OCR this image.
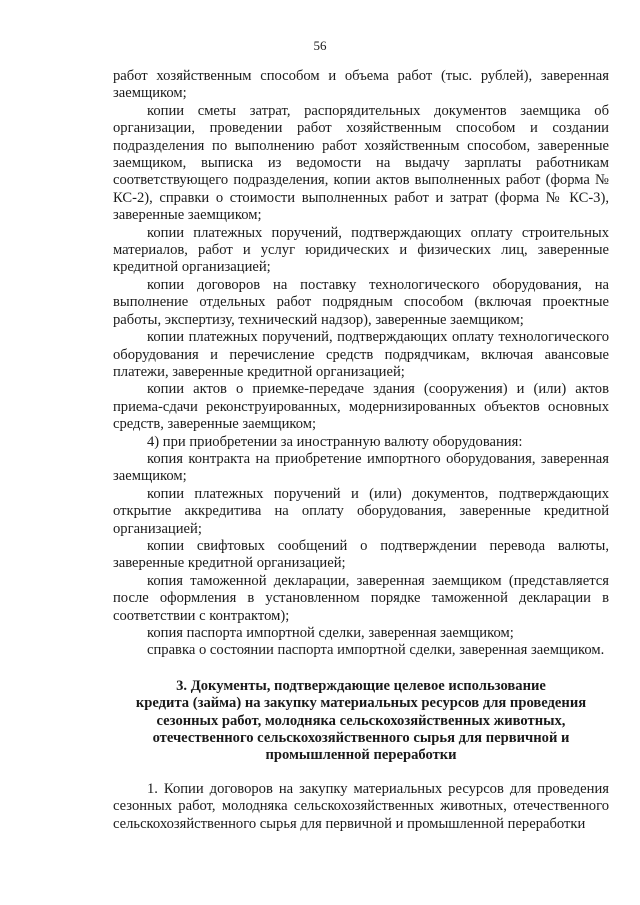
56

работ хозяйственным способом и объема работ (тыс. рублей), заверенная заемщиком;

копии сметы затрат, распорядительных документов заемщика об организации, проведении работ хозяйственным способом и создании подразделения по выполнению работ хозяйственным способом, заверенные заемщиком, выписка из ведомости на выдачу зарплаты работникам соответствующего подразделения, копии актов выполненных работ (форма № КС-2), справки о стоимости выполненных работ и затрат (форма № КС-3), заверенные заемщиком;

копии платежных поручений, подтверждающих оплату строительных материалов, работ и услуг юридических и физических лиц, заверенные кредитной организацией;

копии договоров на поставку технологического оборудования, на выполнение отдельных работ подрядным способом (включая проектные работы, экспертизу, технический надзор), заверенные заемщиком;

копии платежных поручений, подтверждающих оплату технологического оборудования и перечисление средств подрядчикам, включая авансовые платежи, заверенные кредитной организацией;

копии актов о приемке-передаче здания (сооружения) и (или) актов приема-сдачи реконструированных, модернизированных объектов основных средств, заверенные заемщиком;

4) при приобретении за иностранную валюту оборудования:

копия контракта на приобретение импортного оборудования, заверенная заемщиком;

копии платежных поручений и (или) документов, подтверждающих открытие аккредитива на оплату оборудования, заверенные кредитной организацией;

копии свифтовых сообщений о подтверждении перевода валюты, заверенные кредитной организацией;

копия таможенной декларации, заверенная заемщиком (представляется после оформления в установленном порядке таможенной декларации в соответствии с контрактом);

копия паспорта импортной сделки, заверенная заемщиком;

справка о состоянии паспорта импортной сделки, заверенная заемщиком.

3. Документы, подтверждающие целевое использование
кредита (займа) на закупку материальных ресурсов для проведения
сезонных работ, молодняка сельскохозяйственных животных,
отечественного сельскохозяйственного сырья для первичной и
промышленной переработки

1. Копии договоров на закупку материальных ресурсов для проведения сезонных работ, молодняка сельскохозяйственных животных, отечественного сельскохозяйственного сырья для первичной и промышленной переработки
